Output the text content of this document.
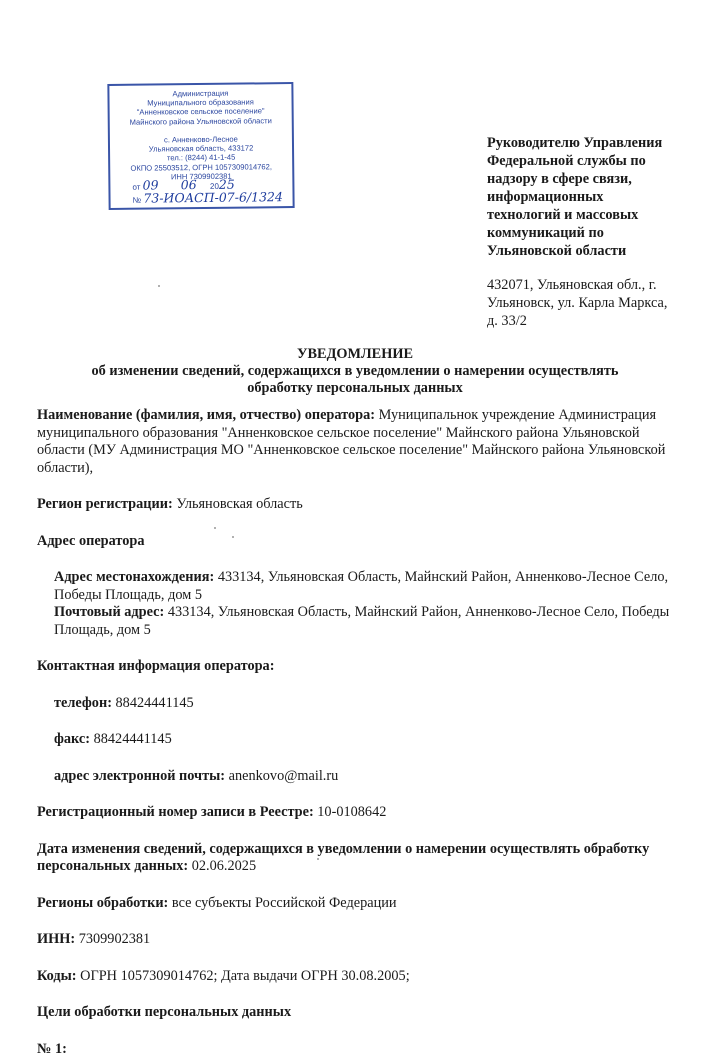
Администрация
Муниципального образования
"Анненковское сельское поселение"
Майнского района Ульяновской области

с. Анненково-Лесное
Ульяновская область, 433172
тел.: (8244) 41-1-45
ОКПО 25503512, ОГРН 1057309014762,
ИНН 7309902381
от 09 06 2025
№ 73-ИОАСП-07-6/1324
Руководителю Управления Федеральной службы по надзору в сфере связи, информационных технологий и массовых коммуникаций по Ульяновской области
432071, Ульяновская обл., г. Ульяновск, ул. Карла Маркса, д. 33/2
УВЕДОМЛЕНИЕ
об изменении сведений, содержащихся в уведомлении о намерении осуществлять обработку персональных данных

Наименование (фамилия, имя, отчество) оператора: Муниципальнок учреждение Администрация муниципального образования "Анненковское сельское поселение" Майнского района Ульяновской области (МУ Администрация МО "Анненковское сельское поселение" Майнского района Ульяновской области),

Регион регистрации: Ульяновская область

Адрес оператора

Адрес местонахождения: 433134, Ульяновская Область, Майнский Район, Анненково-Лесное Село, Победы Площадь, дом 5

Почтовый адрес: 433134, Ульяновская Область, Майнский Район, Анненково-Лесное Село, Победы Площадь, дом 5

Контактная информация оператора:

телефон: 88424441145

факс: 88424441145

адрес электронной почты: anenkovo@mail.ru

Регистрационный номер записи в Реестре: 10-0108642

Дата изменения сведений, содержащихся в уведомлении о намерении осуществлять обработку персональных данных: 02.06.2025

Регионы обработки: все субъекты Российской Федерации

ИНН: 7309902381

Коды: ОГРН 1057309014762; Дата выдачи ОГРН 30.08.2005;

Цели обработки персональных данных

№ 1:
